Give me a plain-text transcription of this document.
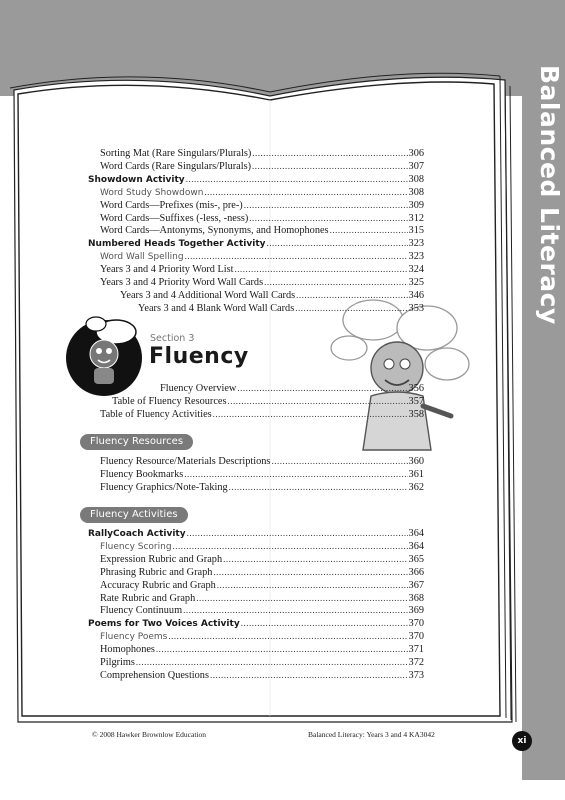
Balanced Literacy
Section 3
Fluency
Fluency Resources
Fluency Activities
Sorting Mat (Rare Singulars/Plurals) .....	306
Word Cards (Rare Singulars/Plurals) .....	307
Showdown Activity .....	308
Word Study Showdown .....	308
Word Cards—Prefixes (mis-, pre-) .....	309
Word Cards—Suffixes (-less, -ness) .....	312
Word Cards—Antonyms, Synonyms, and Homophones .....	315
Numbered Heads Together Activity .....	323
Word Wall Spelling .....	323
Years 3 and 4 Priority Word List .....	324
Years 3 and 4 Priority Word Wall Cards .....	325
Years 3 and 4 Additional Word Wall Cards .....	346
Years 3 and 4 Blank Word Wall Cards .....	353
Fluency Overview .....	356
Table of Fluency Resources .....	357
Table of Fluency Activities .....	358
Fluency Resource/Materials Descriptions .....	360
Fluency Bookmarks .....	361
Fluency Graphics/Note-Taking .....	362
RallyCoach Activity .....	364
Fluency Scoring .....	364
Expression Rubric and Graph .....	365
Phrasing Rubric and Graph .....	366
Accuracy Rubric and Graph .....	367
Rate Rubric and Graph .....	368
Fluency Continuum .....	369
Poems for Two Voices Activity .....	370
Fluency Poems .....	370
Homophones .....	371
Pilgrims .....	372
Comprehension Questions .....	373
© 2008 Hawker Brownlow Education	Balanced Literacy: Years 3 and 4 KA3042
xi
